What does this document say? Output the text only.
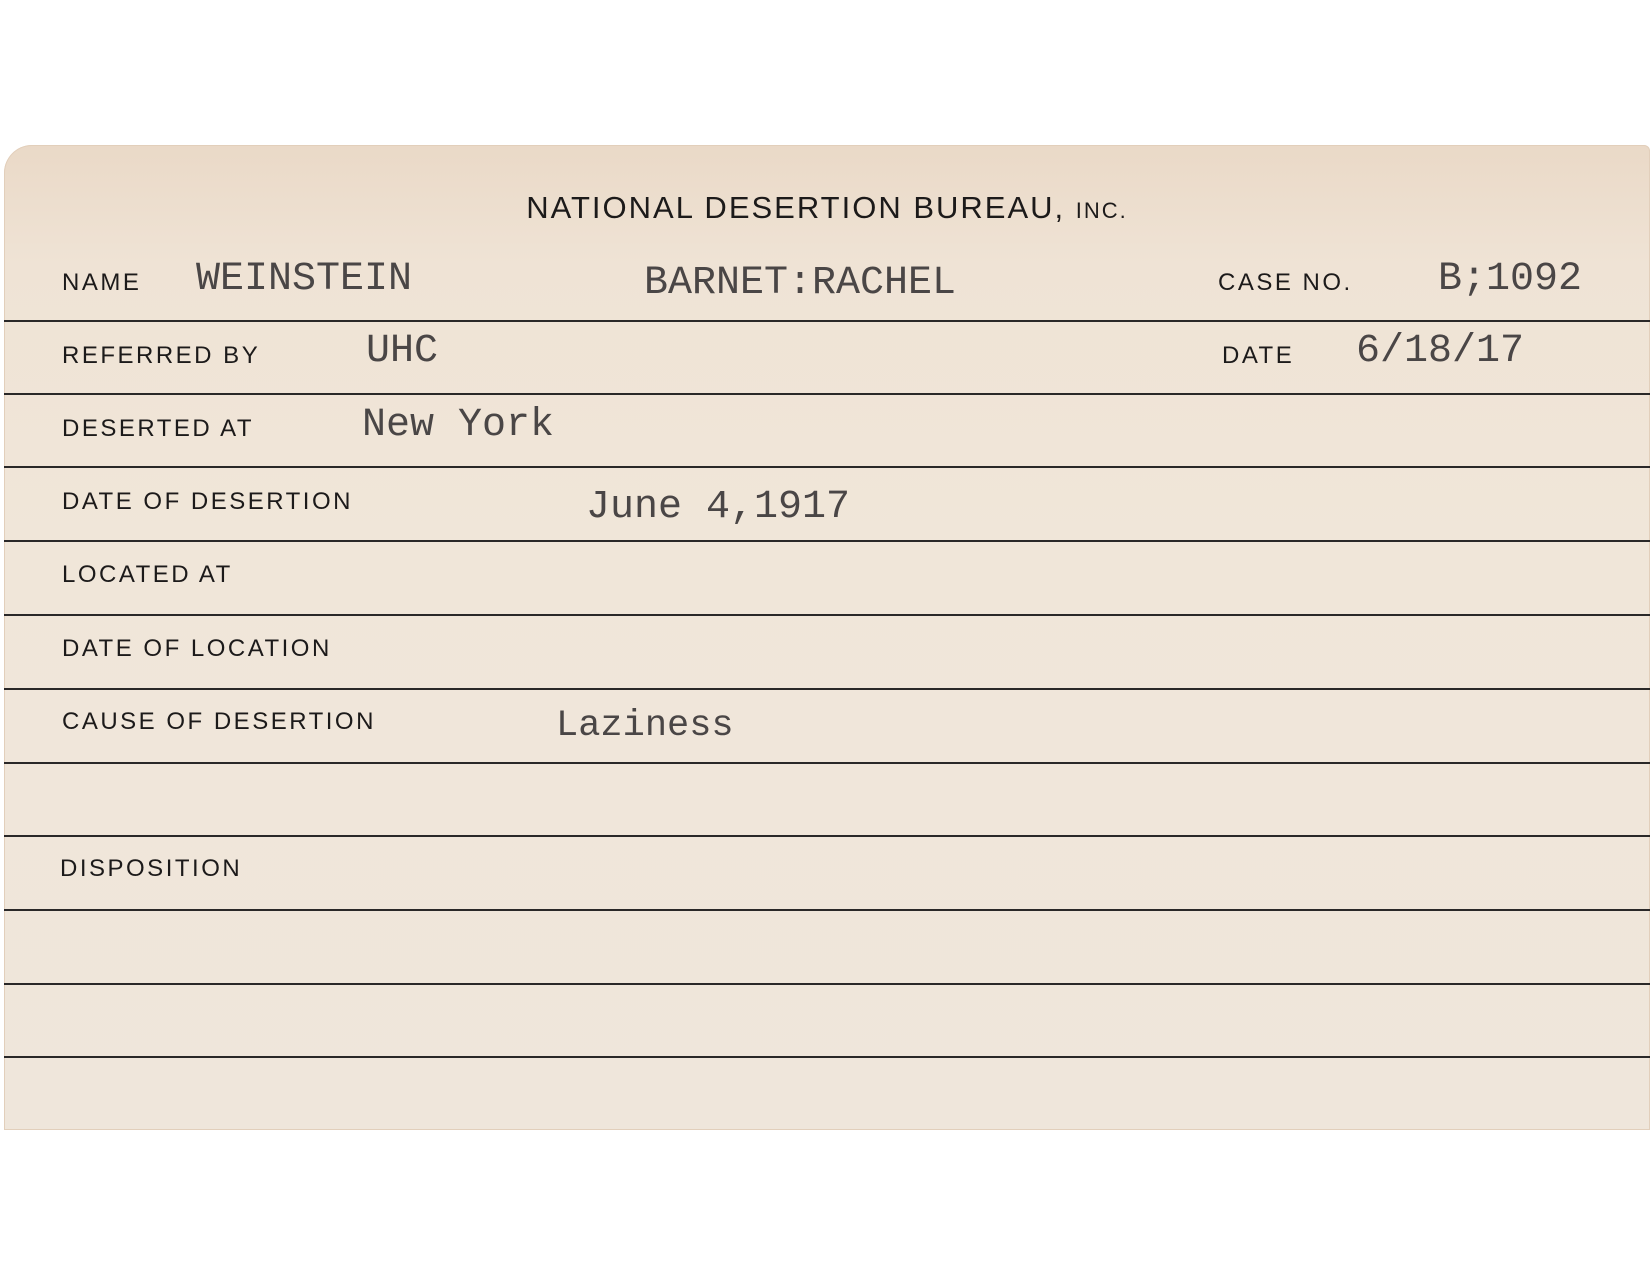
NATIONAL DESERTION BUREAU, INC.
NAME WEINSTEIN	BARNET:RACHEL	CASE NO. B;1092
REFERRED BY	UHC	DATE 6/18/17
DESERTED AT	New York
DATE OF DESERTION	June 4,1917
LOCATED AT
DATE OF LOCATION
CAUSE OF DESERTION	Laziness
DISPOSITION
